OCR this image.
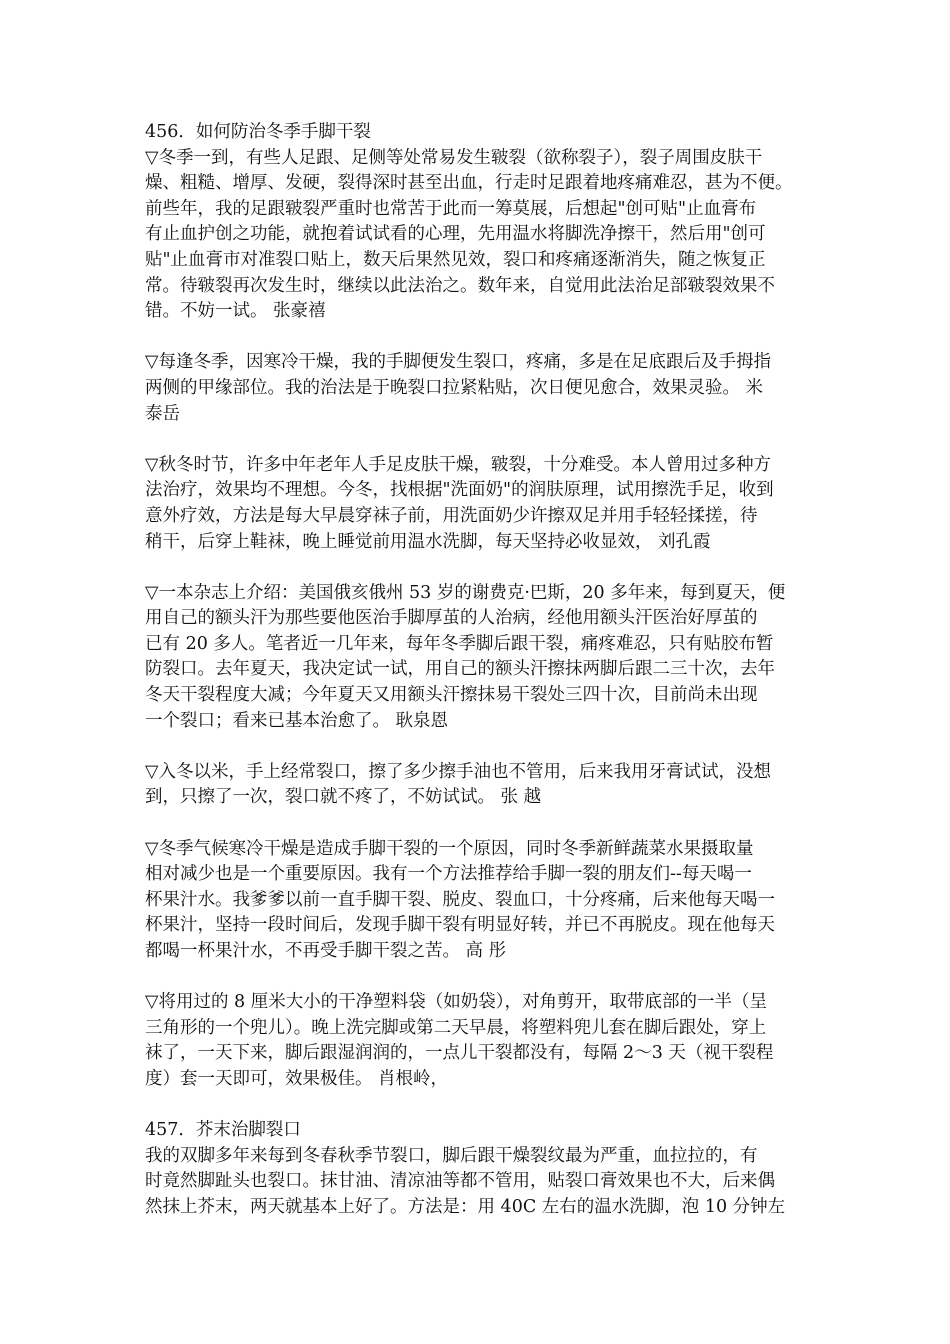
456．如何防治冬季手脚干裂
▽冬季一到，有些人足跟、足侧等处常易发生皲裂（欲称裂子），裂子周围皮肤干
燥、粗糙、增厚、发硬，裂得深时甚至出血，行走时足跟着地疼痛难忍，甚为不便。
前些年，我的足跟皲裂严重时也常苦于此而一筹莫展，后想起"创可贴"止血膏布
有止血护创之功能，就抱着试试看的心理，先用温水将脚洗净擦干，然后用"创可
贴"止血膏市对准裂口贴上，数天后果然见效，裂口和疼痛逐渐消失，随之恢复正
常。待皲裂再次发生时，继续以此法治之。数年来，自觉用此法治足部皲裂效果不
错。不妨一试。 张豪禧
▽每逢冬季，因寒冷干燥，我的手脚便发生裂口，疼痛，多是在足底跟后及手拇指
两侧的甲缘部位。我的治法是于晚裂口拉紧粘贴，次日便见愈合，效果灵验。 米
泰岳
▽秋冬时节，许多中年老年人手足皮肤干燥，皲裂，十分难受。本人曾用过多种方
法治疗，效果均不理想。今冬，找根据"洗面奶"的润肤原理，试用擦洗手足，收到
意外疗效，方法是每大早晨穿袜子前，用洗面奶少许擦双足并用手轻轻揉搓，待
稍干，后穿上鞋袜，晚上睡觉前用温水洗脚，每天坚持必收显效， 刘孔霞
▽一本杂志上介绍：美国俄亥俄州 53 岁的谢费克·巴斯，20 多年来，每到夏天，便
用自己的额头汗为那些要他医治手脚厚茧的人治病，经他用额头汗医治好厚茧的
已有 20 多人。笔者近一几年来，每年冬季脚后跟干裂，痛疼难忍，只有贴胶布暂
防裂口。去年夏天，我决定试一试，用自己的额头汗擦抹两脚后跟二三十次，去年
冬天干裂程度大减；今年夏天又用额头汗擦抹易干裂处三四十次，目前尚未出现
一个裂口；看来已基本治愈了。 耿泉恩
▽入冬以米，手上经常裂口，擦了多少擦手油也不管用，后来我用牙膏试试，没想
到，只擦了一次，裂口就不疼了，不妨试试。 张 越
▽冬季气候寒冷干燥是造成手脚干裂的一个原因，同时冬季新鲜蔬菜水果摄取量
相对减少也是一个重要原因。我有一个方法推荐给手脚一裂的朋友们--每天喝一
杯果汁水。我爹爹以前一直手脚干裂、脱皮、裂血口，十分疼痛，后来他每天喝一
杯果汁，坚持一段时间后，发现手脚干裂有明显好转，并已不再脱皮。现在他每天
都喝一杯果汁水，不再受手脚干裂之苦。 高 彤
▽将用过的 8 厘米大小的干净塑料袋（如奶袋），对角剪开，取带底部的一半（呈
三角形的一个兜儿）。晚上洗完脚或第二天早晨，将塑料兜儿套在脚后跟处，穿上
袜了，一天下来，脚后跟湿润润的，一点儿干裂都没有，每隔 2～3 天（视干裂程
度）套一天即可，效果极佳。 肖根岭，
457．芥末治脚裂口
我的双脚多年来每到冬春秋季节裂口，脚后跟干燥裂纹最为严重，血拉拉的，有
时竟然脚趾头也裂口。抹甘油、清凉油等都不管用，贴裂口膏效果也不大，后来偶
然抹上芥末，两天就基本上好了。方法是：用 40C 左右的温水洗脚，泡 10 分钟左
